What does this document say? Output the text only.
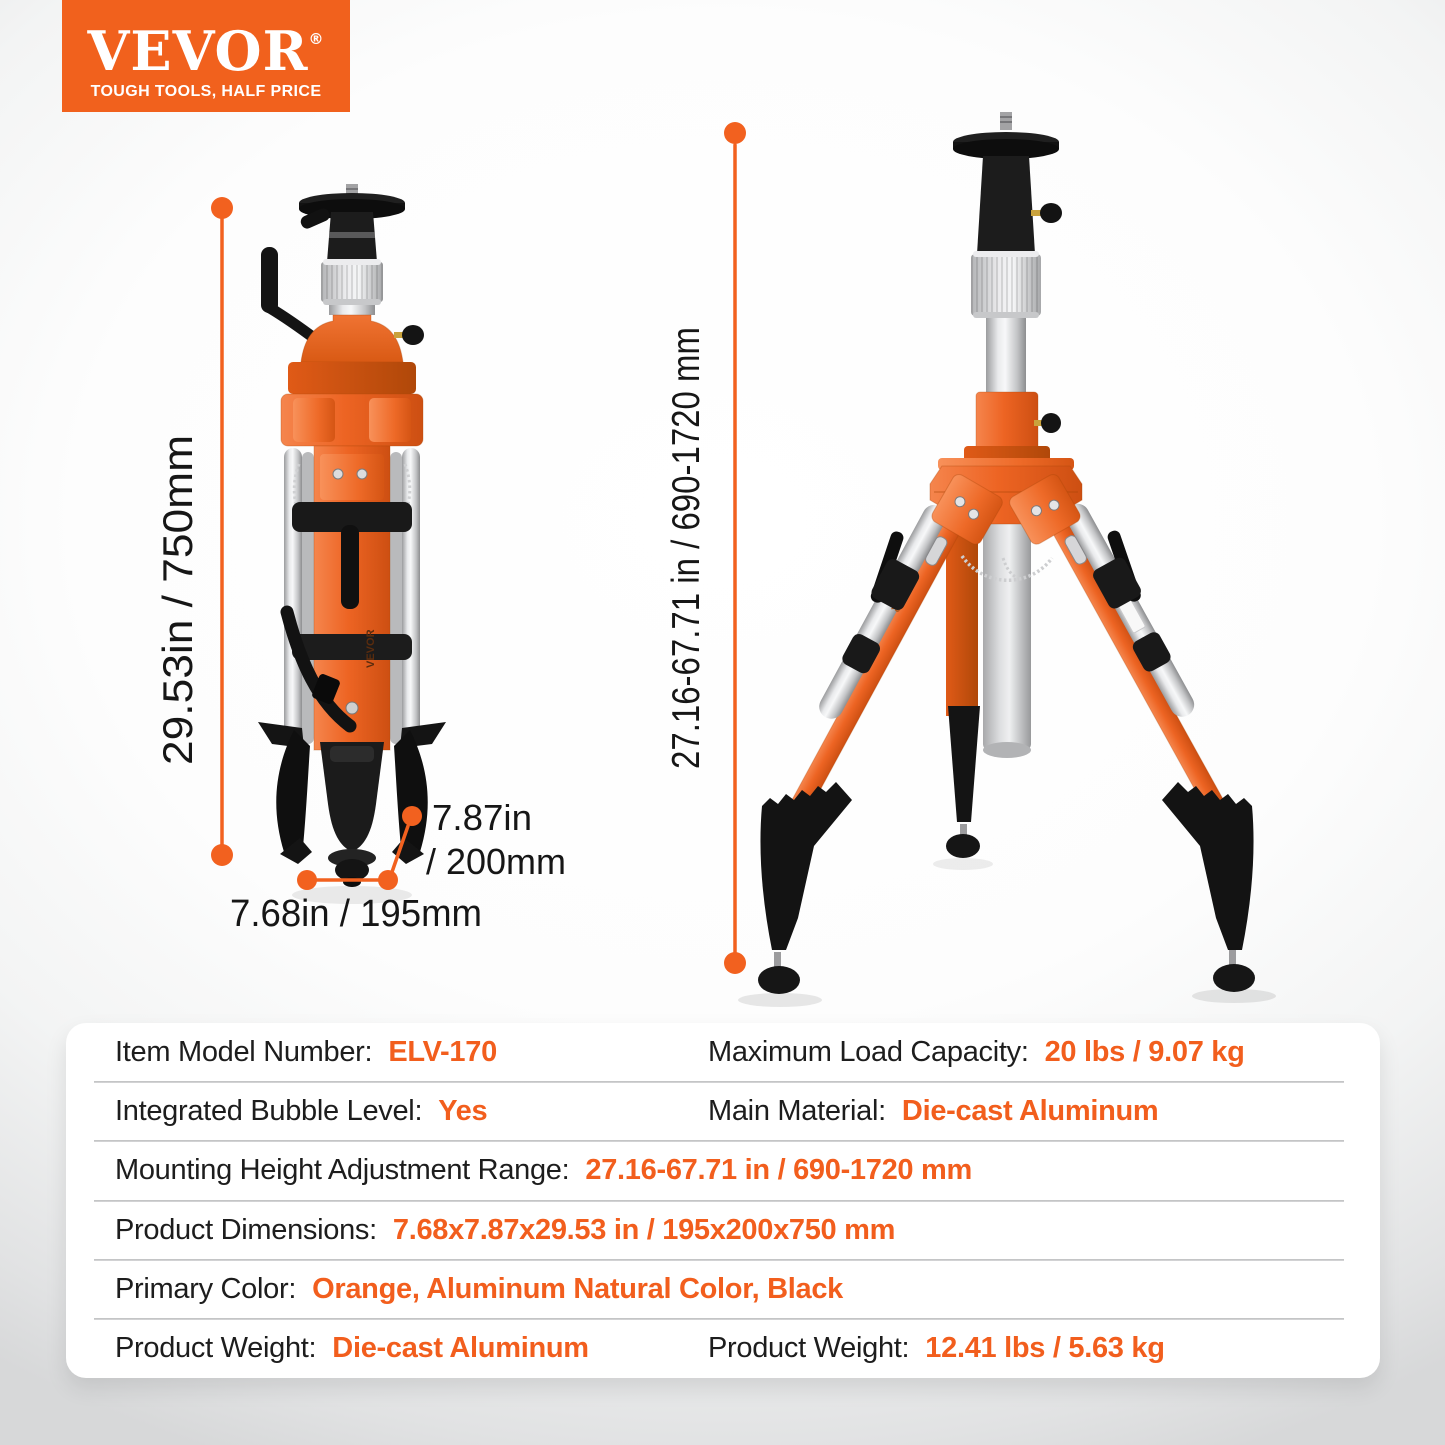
VEVOR®
TOUGH TOOLS, HALF PRICE
VEVOR
29.53in / 750mm
7.87in
/ 200mm
7.68in / 195mm
27.16-67.71 in / 690-1720 mm
Item Model Number: ELV-170	Maximum Load Capacity: 20 lbs / 9.07 kg
Integrated Bubble Level: Yes	Main Material: Die-cast Aluminum
Mounting Height Adjustment Range: 27.16-67.71 in / 690-1720 mm
Product Dimensions: 7.68x7.87x29.53 in / 195x200x750 mm
Primary Color: Orange, Aluminum Natural Color, Black
Product Weight: Die-cast Aluminum	Product Weight: 12.41 lbs / 5.63 kg
